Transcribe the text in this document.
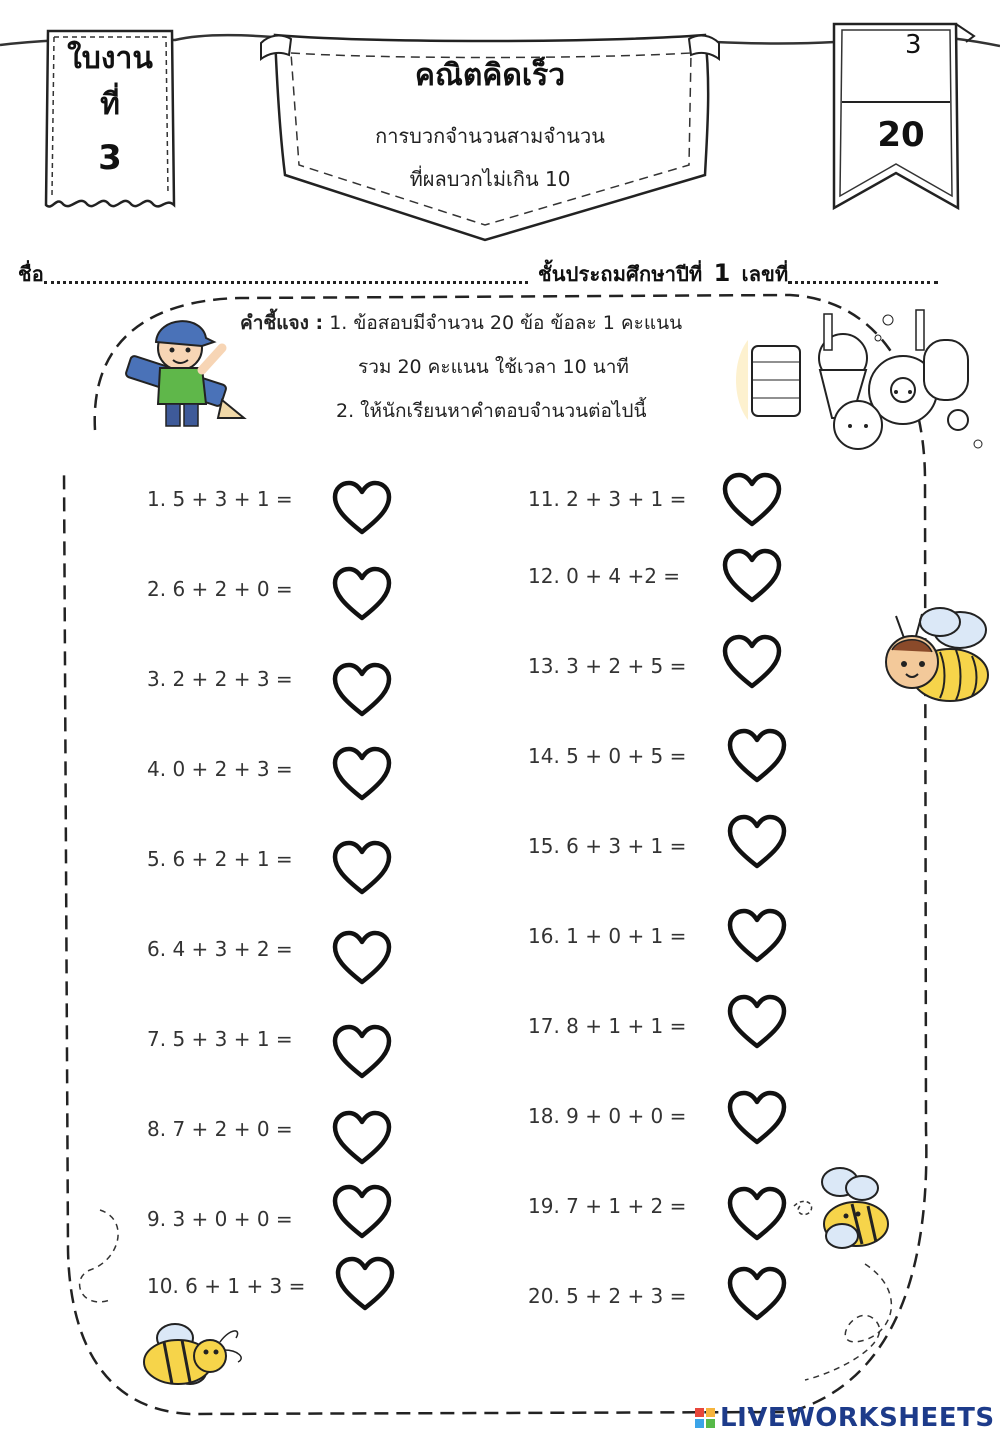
ใบงาน
ที่
3
คณิตคิดเร็ว
การบวกจำนวนสามจำนวน
ที่ผลบวกไม่เกิน 10
3
20
ชื่อ	ชั้นประถมศึกษาปีที่ 1 เลขที่
คำชี้แจง : 1. ข้อสอบมีจำนวน 20 ข้อ ข้อละ 1 คะแนน
รวม 20 คะแนน ใช้เวลา 10 นาที
2. ให้นักเรียนหาคำตอบจำนวนต่อไปนี้
1. 5 + 3 + 1 =
2. 6 + 2 + 0 =
3. 2 + 2 + 3 =
4. 0 + 2 + 3 =
5. 6 + 2 + 1 =
6. 4 + 3 + 2 =
7. 5 + 3 + 1 =
8. 7 + 2 + 0 =
9. 3 + 0 + 0 =
10. 6 + 1 + 3 =
11. 2 + 3 + 1 =
12. 0 + 4 +2 =
13. 3 + 2 + 5 =
14. 5 + 0 + 5 =
15. 6 + 3 + 1 =
16. 1 + 0 + 1 =
17. 8 + 1 + 1 =
18. 9 + 0 + 0 =
19. 7 + 1 + 2 =
20. 5 + 2 + 3 =
LIVEWORKSHEETS
